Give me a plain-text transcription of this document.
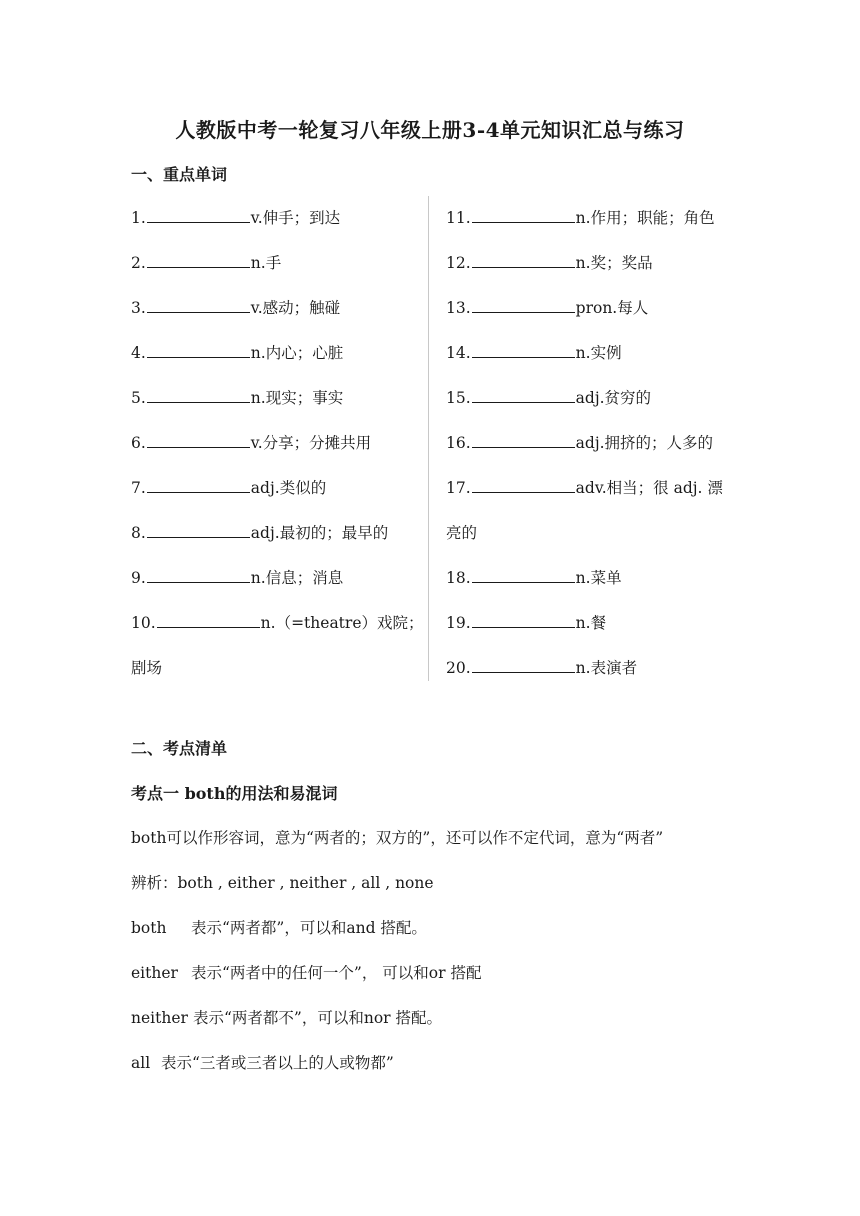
人教版中考一轮复习八年级上册3-4单元知识汇总与练习
一、重点单词
1.	v.伸手；到达
2.	n.手
3.	v.感动；触碰
4.	n.内心；心脏
5.	n.现实；事实
6.	v.分享；分摊共用
7.	adj.类似的
8.	adj.最初的；最早的
9.	n.信息；消息
10.	n.（=theatre）戏院；
剧场
11.	n.作用；职能；角色
12.	n.奖；奖品
13.	pron.每人
14.	n.实例
15.	adj.贫穷的
16.	adj.拥挤的；人多的
17.	adv.相当；很 adj. 漂
亮的
18.	n.菜单
19.	n.餐
20.	n.表演者
二、考点清单
考点一 both的用法和易混词
both可以作形容词，意为“两者的；双方的”，还可以作不定代词，意为“两者”
辨析：both , either , neither , all , none
both 表示“两者都”，可以和and 搭配。
either 表示“两者中的任何一个”， 可以和or 搭配
neither 表示“两者都不”，可以和nor 搭配。
all 表示“三者或三者以上的人或物都”
